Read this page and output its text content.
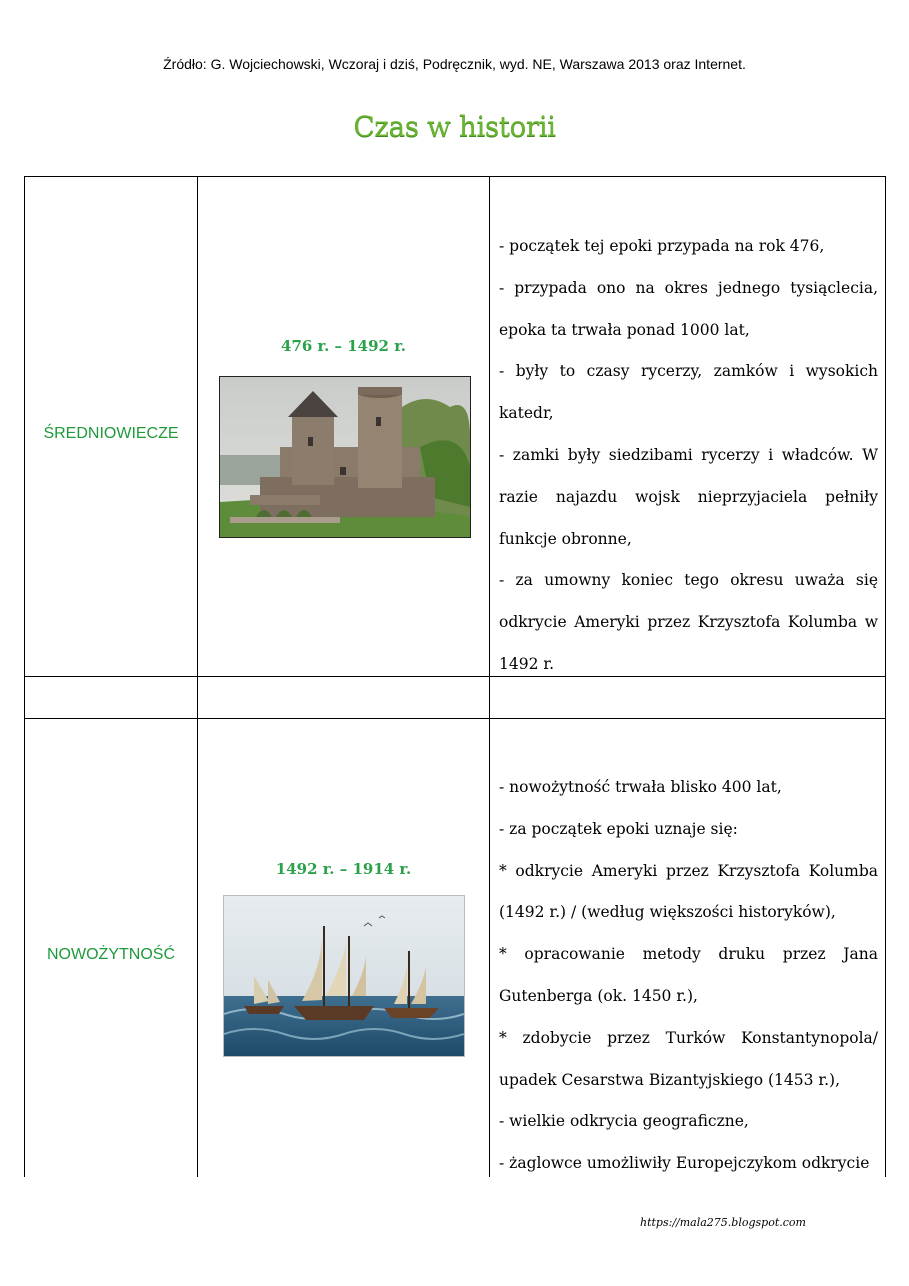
Źródło: G. Wojciechowski, Wczoraj i dziś, Podręcznik, wyd. NE, Warszawa 2013 oraz Internet.
Czas w historii
ŚREDNIOWIECZE
476 r. – 1492 r.

- początek tej epoki przypada na rok 476,

- przypada ono na okres jednego tysiąclecia, epoka ta trwała ponad 1000 lat,

- były to czasy rycerzy, zamków i wysokich katedr,

- zamki były siedzibami rycerzy i władców. W razie najazdu wojsk nieprzyjaciela pełniły funkcje obronne,

- za umowny koniec tego okresu uważa się odkrycie Ameryki przez Krzysztofa Kolumba w 1492 r.

NOWOŻYTNOŚĆ
1492 r. – 1914 r.

- nowożytność trwała blisko 400 lat,

- za początek epoki uznaje się:

* odkrycie Ameryki przez Krzysztofa Kolumba (1492 r.) / (według większości historyków),

* opracowanie metody druku przez Jana Gutenberga (ok. 1450 r.),

* zdobycie przez Turków Konstantynopola/ upadek Cesarstwa Bizantyjskiego (1453 r.),

- wielkie odkrycia geograficzne,

- żaglowce umożliwiły Europejczykom odkrycie

https://mala275.blogspot.com
